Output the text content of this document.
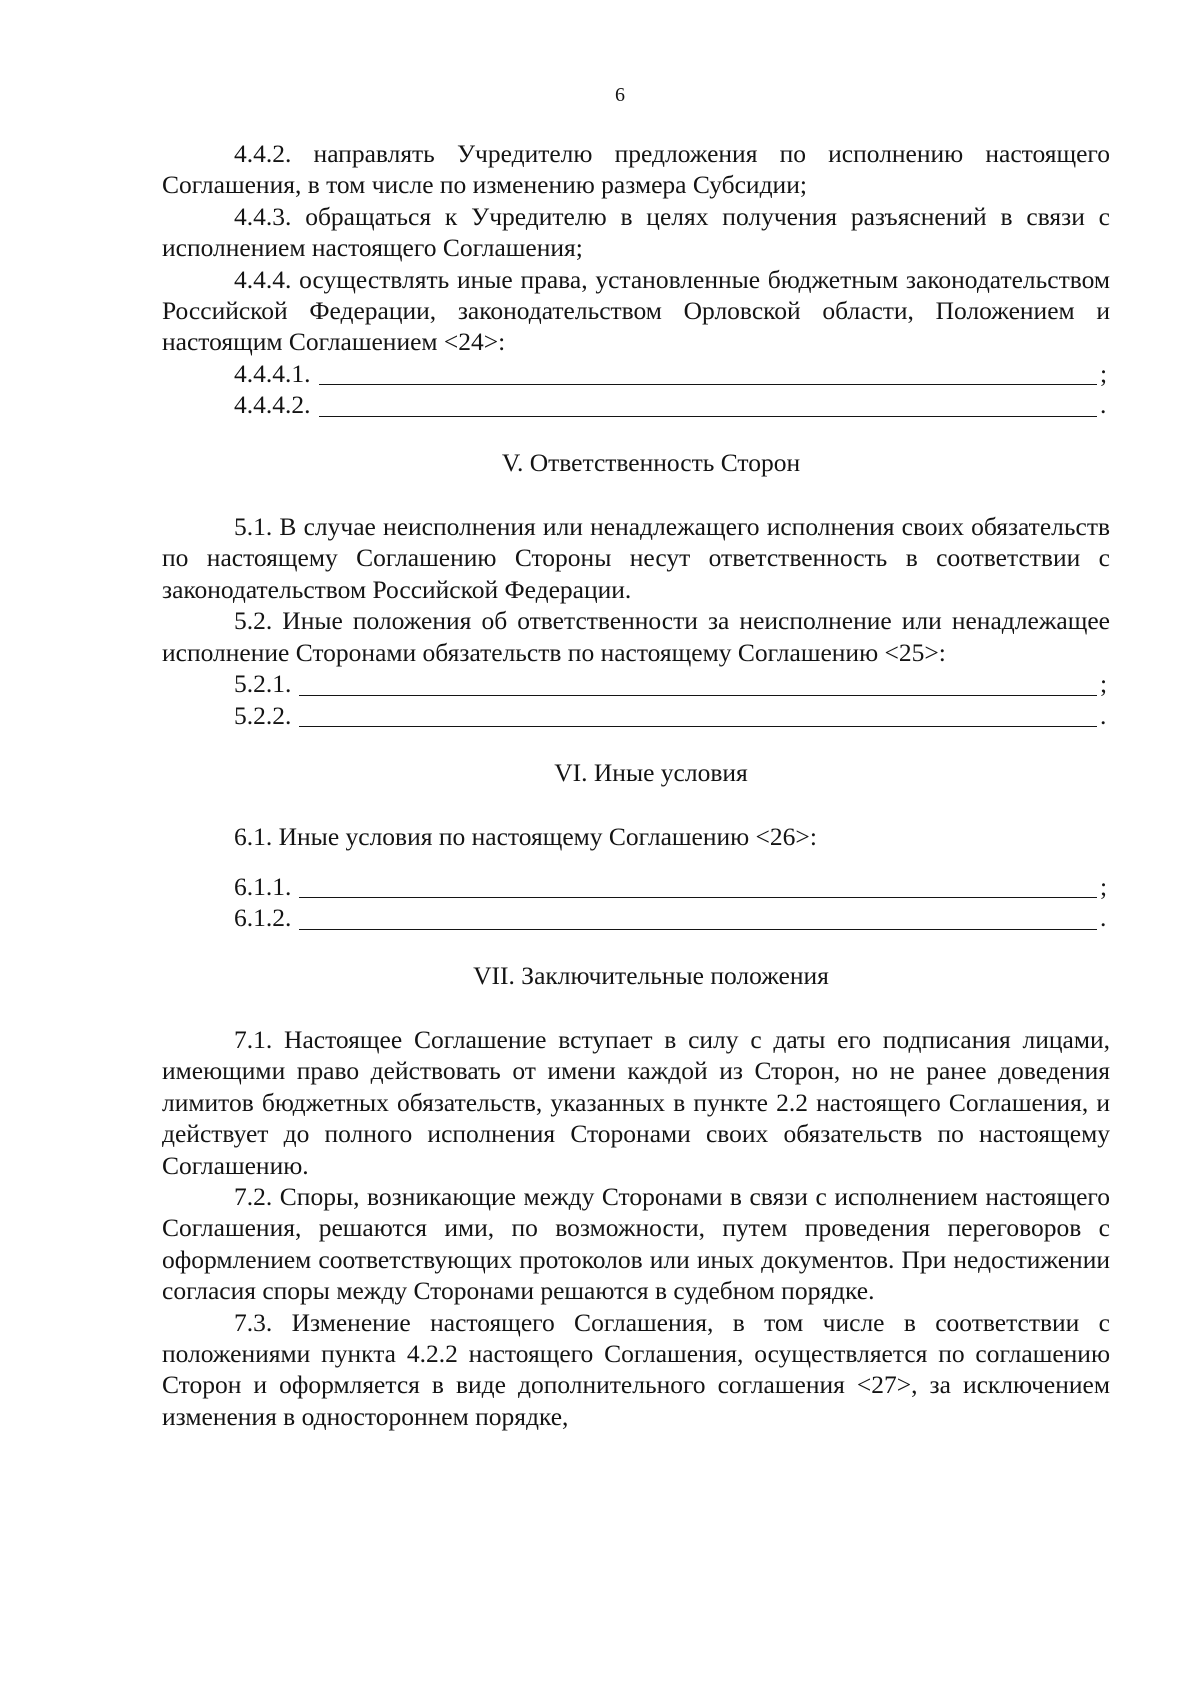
6

4.4.2. направлять Учредителю предложения по исполнению настоящего Соглашения, в том числе по изменению размера Субсидии;

4.4.3. обращаться к Учредителю в целях получения разъяснений в связи с исполнением настоящего Соглашения;

4.4.4. осуществлять иные права, установленные бюджетным законодательством Российской Федерации, законодательством Орловской области, Положением и настоящим Соглашением <24>:

4.4.4.1.	;
4.4.4.2.	.

V. Ответственность Сторон

5.1. В случае неисполнения или ненадлежащего исполнения своих обязательств по настоящему Соглашению Стороны несут ответственность в соответствии с законодательством Российской Федерации.

5.2. Иные положения об ответственности за неисполнение или ненадлежащее исполнение Сторонами обязательств по настоящему Соглашению <25>:

5.2.1.	;
5.2.2.	.

VI. Иные условия

6.1. Иные условия по настоящему Соглашению <26>:

6.1.1.	;
6.1.2.	.

VII. Заключительные положения

7.1. Настоящее Соглашение вступает в силу с даты его подписания лицами, имеющими право действовать от имени каждой из Сторон, но не ранее доведения лимитов бюджетных обязательств, указанных в пункте 2.2 настоящего Соглашения, и действует до полного исполнения Сторонами своих обязательств по настоящему Соглашению.

7.2. Споры, возникающие между Сторонами в связи с исполнением настоящего Соглашения, решаются ими, по возможности, путем проведения переговоров с оформлением соответствующих протоколов или иных документов. При недостижении согласия споры между Сторонами решаются в судебном порядке.

7.3. Изменение настоящего Соглашения, в том числе в соответствии с положениями пункта 4.2.2 настоящего Соглашения, осуществляется по соглашению Сторон и оформляется в виде дополнительного соглашения <27>, за исключением изменения в одностороннем порядке,
